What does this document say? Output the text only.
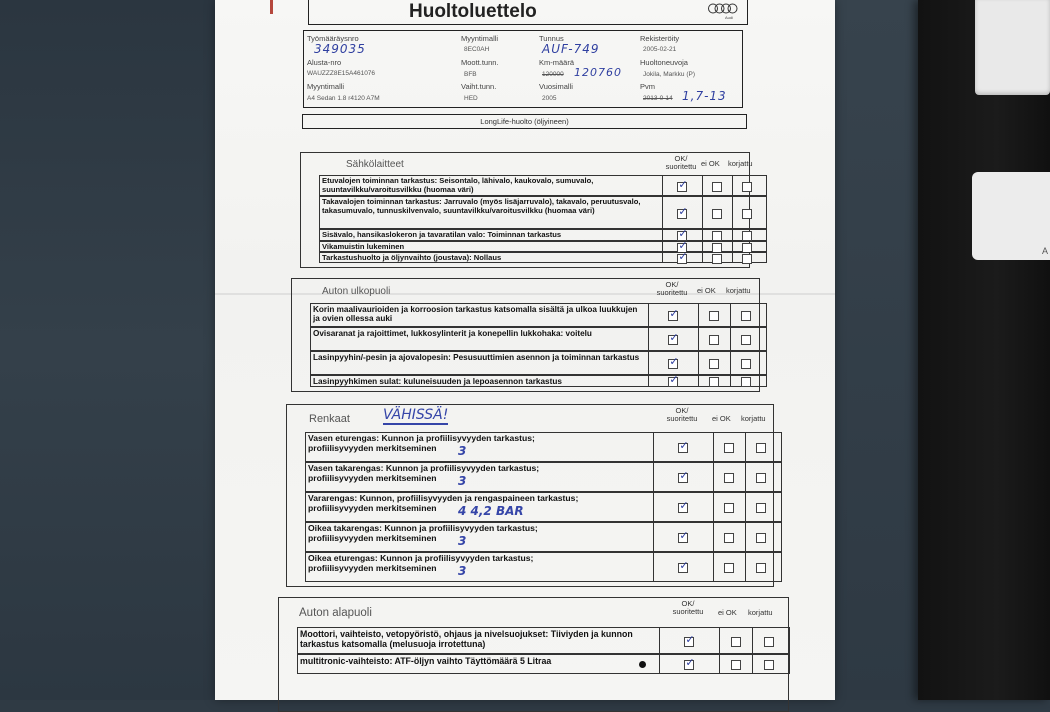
A
Huoltoluettelo	Audi
Työmääräysnro
349035
Alusta-nro
WAUZZZ8E15A461076
Myyntimalli
A4 Sedan 1.8 r4120 A7M
Myyntimalli
8EC0AH
Moott.tunn.
BFB
Vaiht.tunn.
HED
Tunnus
AUF-749
Km-määrä
120000 120760
Vuosimalli
2005
Rekisteröity
2005-02-21
Huoltoneuvoja
Jokila, Markku (P)
Pvm
2013-0-14 1,7-13
LongLife-huolto (öljyineen)
Sähkölaitteet
OK/
suoritettu ei OK korjattu
Etuvalojen toiminnan tarkastus: Seisontalo, lähivalo, kaukovalo, sumuvalo, suuntavilkku/varoitusvilkku (huomaa väri)	✓
Takavalojen toiminnan tarkastus: Jarruvalo (myös lisäjarruvalo), takavalo, peruutusvalo, takasumuvalo, tunnuskilvenvalo, suuntavilkku/varoitusvilkku (huomaa väri)	✓
Sisävalo, hansikaslokeron ja tavaratilan valo: Toiminnan tarkastus	✓
Vikamuistin lukeminen	✓
Tarkastushuolto ja öljynvaihto (joustava): Nollaus	✓
Auton ulkopuoli
OK/
suoritettu	ei OK korjattu
Korin maalivaurioiden ja korroosion tarkastus katsomalla sisältä ja ulkoa luukkujen ja ovien ollessa auki	✓
Ovisaranat ja rajoittimet, lukkosylinterit ja konepellin lukkohaka: voitelu	✓
Lasinpyyhin/-pesin ja ajovalopesin: Pesusuuttimien asennon ja toiminnan tarkastus	✓
Lasinpyyhkimen sulat: kuluneisuuden ja lepoasennon tarkastus	✓
Renkaat VÄHISSÄ!	OK/
suoritettu	ei OK korjattu
Vasen eturengas: Kunnon ja profiilisyvyyden tarkastus;
profiilisyvyyden merkitseminen 3	✓
Vasen takarengas: Kunnon ja profiilisyvyyden tarkastus;
profiilisyvyyden merkitseminen 3	✓
Vararengas: Kunnon, profiilisyvyyden ja rengaspaineen tarkastus;
profiilisyvyyden merkitseminen 4 4,2 BAR	✓
Oikea takarengas: Kunnon ja profiilisyvyyden tarkastus;
profiilisyvyyden merkitseminen 3	✓
Oikea eturengas: Kunnon ja profiilisyvyyden tarkastus;
profiilisyvyyden merkitseminen 3	✓
Auton alapuoli
OK/
suoritettu	ei OK korjattu
Moottori, vaihteisto, vetopyöristö, ohjaus ja nivelsuojukset: Tiiviyden ja kunnon tarkastus katsomalla (melusuoja irrotettuna)	✓
multitronic-vaihteisto: ATF-öljyn vaihto Täyttömäärä 5 Litraa	✓
